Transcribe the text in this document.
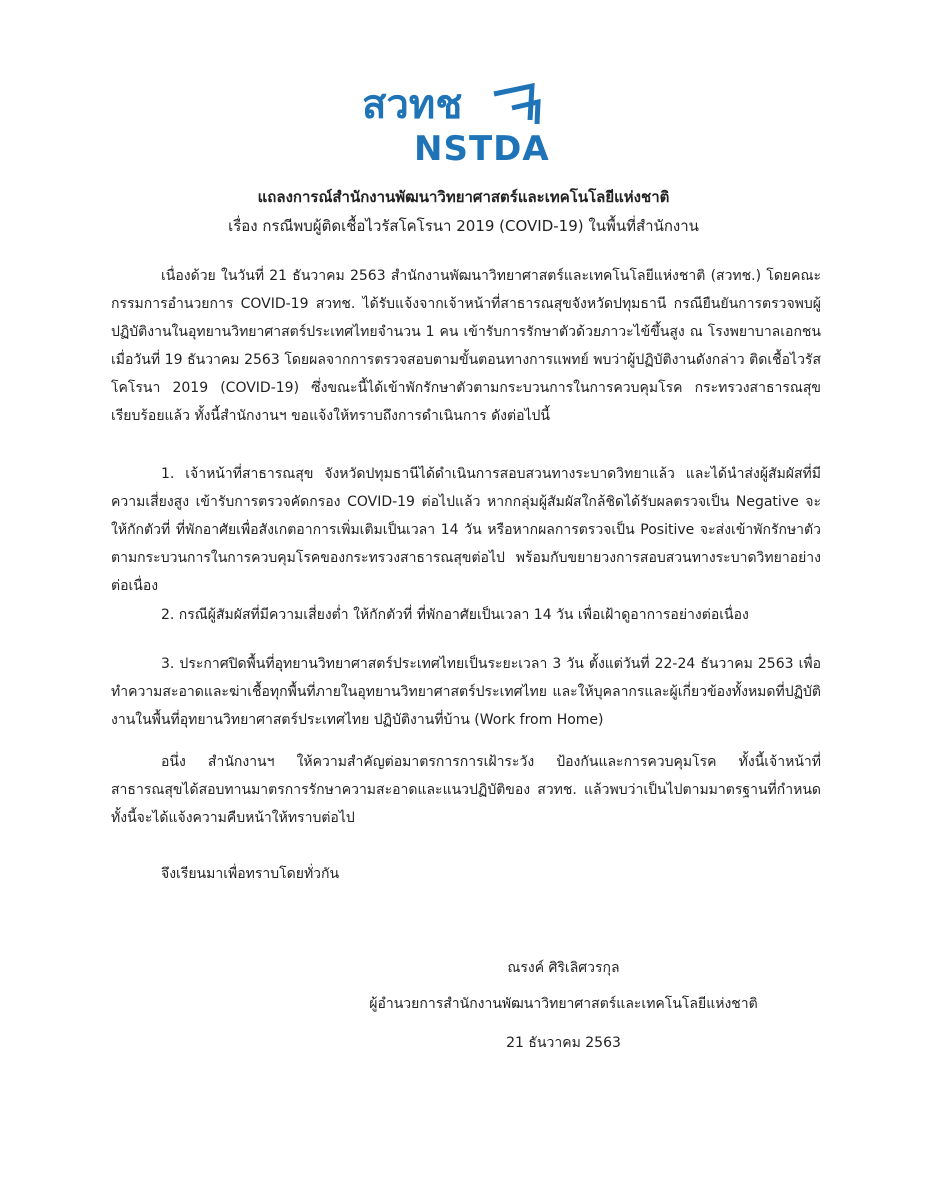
สวทช
NSTDA
แถลงการณ์สำนักงานพัฒนาวิทยาศาสตร์และเทคโนโลยีแห่งชาติ
เรื่อง กรณีพบผู้ติดเชื้อไวรัสโคโรนา 2019 (COVID-19) ในพื้นที่สำนักงาน

เนื่องด้วย ในวันที่ 21 ธันวาคม 2563 สำนักงานพัฒนาวิทยาศาสตร์และเทคโนโลยีแห่งชาติ (สวทช.) โดยคณะกรรมการอำนวยการ COVID-19 สวทช. ได้รับแจ้งจากเจ้าหน้าที่สาธารณสุขจังหวัดปทุมธานี กรณียืนยันการตรวจพบผู้ปฏิบัติงานในอุทยานวิทยาศาสตร์ประเทศไทยจำนวน 1 คน เข้ารับการรักษาตัวด้วยภาวะไข้ขึ้นสูง ณ โรงพยาบาลเอกชน เมื่อวันที่ 19 ธันวาคม 2563 โดยผลจากการตรวจสอบตามขั้นตอนทางการแพทย์ พบว่าผู้ปฏิบัติงานดังกล่าว ติดเชื้อไวรัสโคโรนา 2019 (COVID-19) ซึ่งขณะนี้ได้เข้าพักรักษาตัวตามกระบวนการในการควบคุมโรค กระทรวงสาธารณสุขเรียบร้อยแล้ว ทั้งนี้สำนักงานฯ ขอแจ้งให้ทราบถึงการดำเนินการ ดังต่อไปนี้

1. เจ้าหน้าที่สาธารณสุข จังหวัดปทุมธานีได้ดำเนินการสอบสวนทางระบาดวิทยาแล้ว และได้นำส่งผู้สัมผัสที่มีความเสี่ยงสูง เข้ารับการตรวจคัดกรอง COVID-19 ต่อไปแล้ว หากกลุ่มผู้สัมผัสใกล้ชิดได้รับผลตรวจเป็น Negative จะให้กักตัวที่ ที่พักอาศัยเพื่อสังเกตอาการเพิ่มเติมเป็นเวลา 14 วัน หรือหากผลการตรวจเป็น Positive จะส่งเข้าพักรักษาตัวตามกระบวนการในการควบคุมโรคของกระทรวงสาธารณสุขต่อไป พร้อมกับขยายวงการสอบสวนทางระบาดวิทยาอย่างต่อเนื่อง

2. กรณีผู้สัมผัสที่มีความเสี่ยงต่ำ ให้กักตัวที่ ที่พักอาศัยเป็นเวลา 14 วัน เพื่อเฝ้าดูอาการอย่างต่อเนื่อง

3. ประกาศปิดพื้นที่อุทยานวิทยาศาสตร์ประเทศไทยเป็นระยะเวลา 3 วัน ตั้งแต่วันที่ 22-24 ธันวาคม 2563 เพื่อทำความสะอาดและฆ่าเชื้อทุกพื้นที่ภายในอุทยานวิทยาศาสตร์ประเทศไทย และให้บุคลากรและผู้เกี่ยวข้องทั้งหมดที่ปฏิบัติงานในพื้นที่อุทยานวิทยาศาสตร์ประเทศไทย ปฏิบัติงานที่บ้าน (Work from Home)

อนึ่ง สำนักงานฯ ให้ความสำคัญต่อมาตรการการเฝ้าระวัง ป้องกันและการควบคุมโรค ทั้งนี้เจ้าหน้าที่สาธารณสุขได้สอบทานมาตรการรักษาความสะอาดและแนวปฏิบัติของ สวทช. แล้วพบว่าเป็นไปตามมาตรฐานที่กำหนด ทั้งนี้จะได้แจ้งความคืบหน้าให้ทราบต่อไป

จึงเรียนมาเพื่อทราบโดยทั่วกัน

ณรงค์ ศิริเลิศวรกุล
ผู้อำนวยการสำนักงานพัฒนาวิทยาศาสตร์และเทคโนโลยีแห่งชาติ
21 ธันวาคม 2563
